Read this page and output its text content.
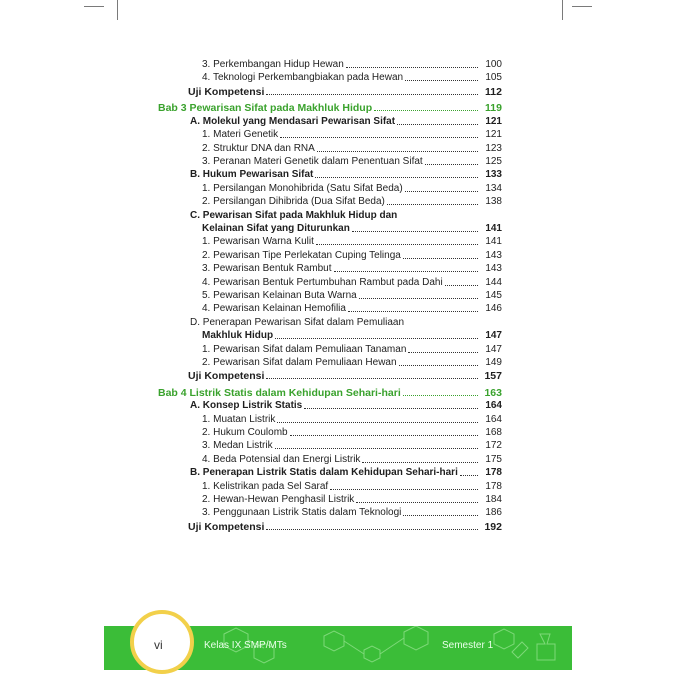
3. Perkembangan Hidup Hewan	100
4. Teknologi Perkembangbiakan pada Hewan	105
Uji Kompetensi	112
Bab 3 Pewarisan Sifat pada Makhluk Hidup	119
A. Molekul yang Mendasari Pewarisan Sifat	121
1. Materi Genetik	121
2. Struktur DNA dan RNA	123
3. Peranan Materi Genetik dalam Penentuan Sifat	125
B. Hukum Pewarisan Sifat	133
1. Persilangan Monohibrida (Satu Sifat Beda)	134
2. Persilangan Dihibrida (Dua Sifat Beda)	138
C. Pewarisan Sifat pada Makhluk Hidup dan
Kelainan Sifat yang Diturunkan	141
1. Pewarisan Warna Kulit	141
2. Pewarisan Tipe Perlekatan Cuping Telinga	143
3. Pewarisan Bentuk Rambut	143
4. Pewarisan Bentuk Pertumbuhan Rambut pada Dahi	144
5. Pewarisan Kelainan Buta Warna	145
4. Pewarisan Kelainan Hemofilia	146
D. Penerapan Pewarisan Sifat dalam Pemuliaan
Makhluk Hidup	147
1. Pewarisan Sifat dalam Pemuliaan Tanaman	147
2. Pewarisan Sifat dalam Pemuliaan Hewan	149
Uji Kompetensi	157
Bab 4 Listrik Statis dalam Kehidupan Sehari-hari	163
A. Konsep Listrik Statis	164
1. Muatan Listrik	164
2. Hukum Coulomb	168
3. Medan Listrik	172
4. Beda Potensial dan Energi Listrik	175
B. Penerapan Listrik Statis dalam Kehidupan Sehari-hari	178
1. Kelistrikan pada Sel Saraf	178
2. Hewan-Hewan Penghasil Listrik	184
3. Penggunaan Listrik Statis dalam Teknologi	186
Uji Kompetensi	192
vi	Kelas IX SMP/MTs	Semester 1
